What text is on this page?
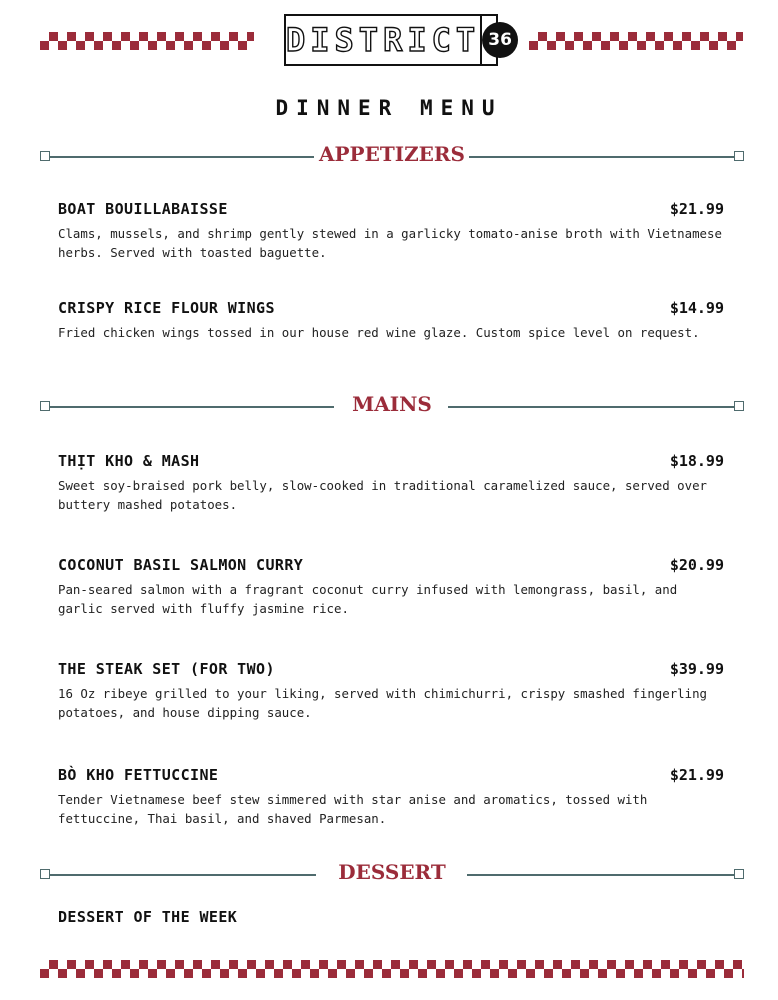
DISTRICT 36
DINNER MENU
APPETIZERS
BOAT BOUILLABAISSE	$21.99
Clams, mussels, and shrimp gently stewed in a garlicky tomato-anise broth with Vietnamese herbs. Served with toasted baguette.
CRISPY RICE FLOUR WINGS	$14.99
Fried chicken wings tossed in our house red wine glaze. Custom spice level on request.
MAINS
THỊT KHO & MASH	$18.99
Sweet soy-braised pork belly, slow-cooked in traditional caramelized sauce, served over buttery mashed potatoes.
COCONUT BASIL SALMON CURRY	$20.99
Pan-seared salmon with a fragrant coconut curry infused with lemongrass, basil, and garlic served with fluffy jasmine rice.
THE STEAK SET (FOR TWO)	$39.99
16 Oz ribeye grilled to your liking, served with chimichurri, crispy smashed fingerling potatoes, and house dipping sauce.
BÒ KHO FETTUCCINE	$21.99
Tender Vietnamese beef stew simmered with star anise and aromatics, tossed with fettuccine, Thai basil, and shaved Parmesan.
DESSERT
DESSERT OF THE WEEK
